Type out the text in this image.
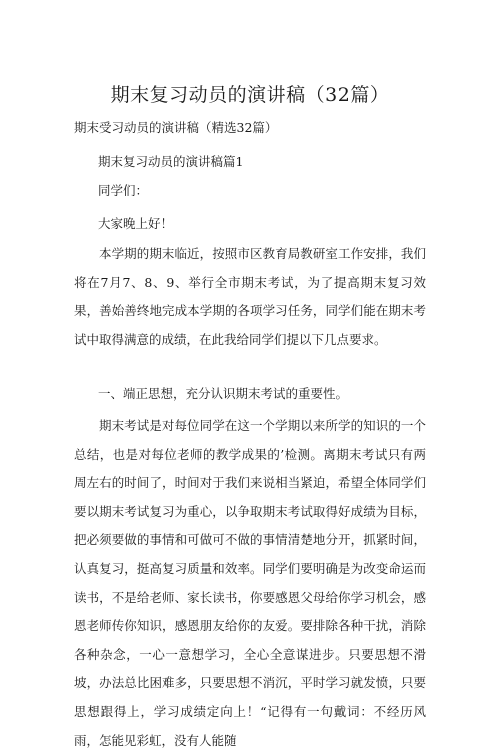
期末复习动员的演讲稿（32篇）

期末受习动员的演讲稿（精选32篇）

期末复习动员的演讲稿篇1

同学们：

大家晚上好！

本学期的期末临近，按照市区教育局教研室工作安排，我们将在7月7、8、9、举行全市期末考试，为了提高期末复习效果，善始善终地完成本学期的各项学习任务，同学们能在期末考试中取得满意的成绩，在此我给同学们提以下几点要求。

一、端正思想，充分认识期末考试的重要性。

期末考试是对每位同学在这一个学期以来所学的知识的一个总结，也是对每位老师的教学成果的’检测。离期末考试只有两周左右的时间了，时间对于我们来说相当紧迫，希望全体同学们要以期末考试复习为重心，以争取期末考试取得好成绩为目标，把必须要做的事情和可做可不做的事情清楚地分开，抓紧时间，认真复习，挺高复习质量和效率。同学们要明确是为改变命运而读书，不是给老师、家长读书，你要感恩父母给你学习机会，感恩老师传你知识，感恩朋友给你的友爱。要排除各种干扰，消除各种杂念，一心一意想学习，全心全意谋进步。只要思想不滑坡，办法总比困难多，只要思想不消沉，平时学习就发愤，只要思想跟得上，学习成绩定向上！“记得有一句戴词：不经历风雨，怎能见彩虹，没有人能随
